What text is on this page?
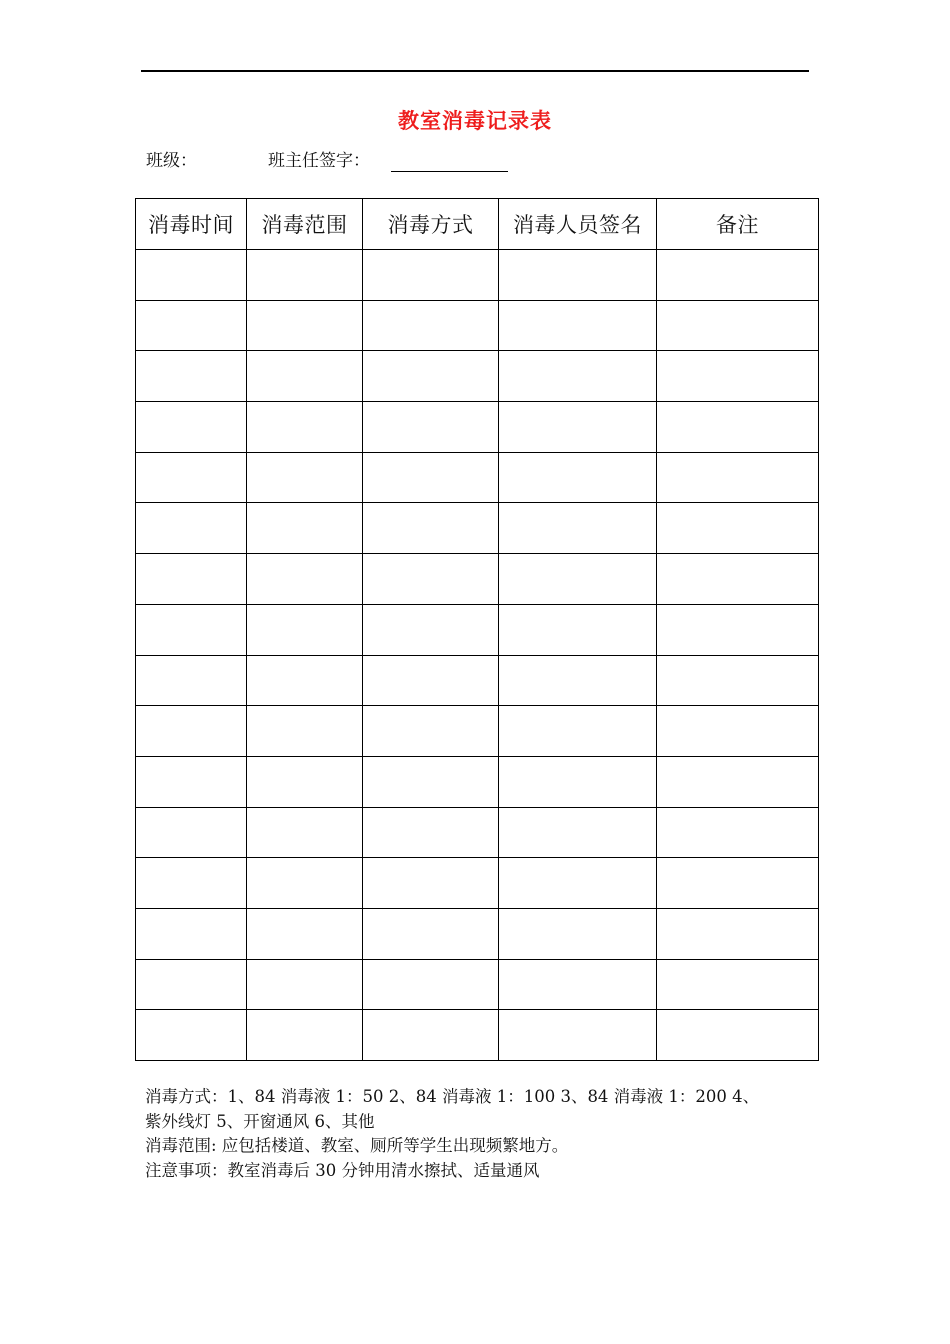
教室消毒记录表
班级：	班主任签字：
消毒时间	消毒范围	消毒方式	消毒人员签名	备注

消毒方式：1、84 消毒液 1：50 2、84 消毒液 1：100 3、84 消毒液 1：200 4、
紫外线灯 5、开窗通风 6、其他
消毒范围: 应包括楼道、教室、厕所等学生出现频繁地方。
注意事项：教室消毒后 30 分钟用清水擦拭、适量通风
